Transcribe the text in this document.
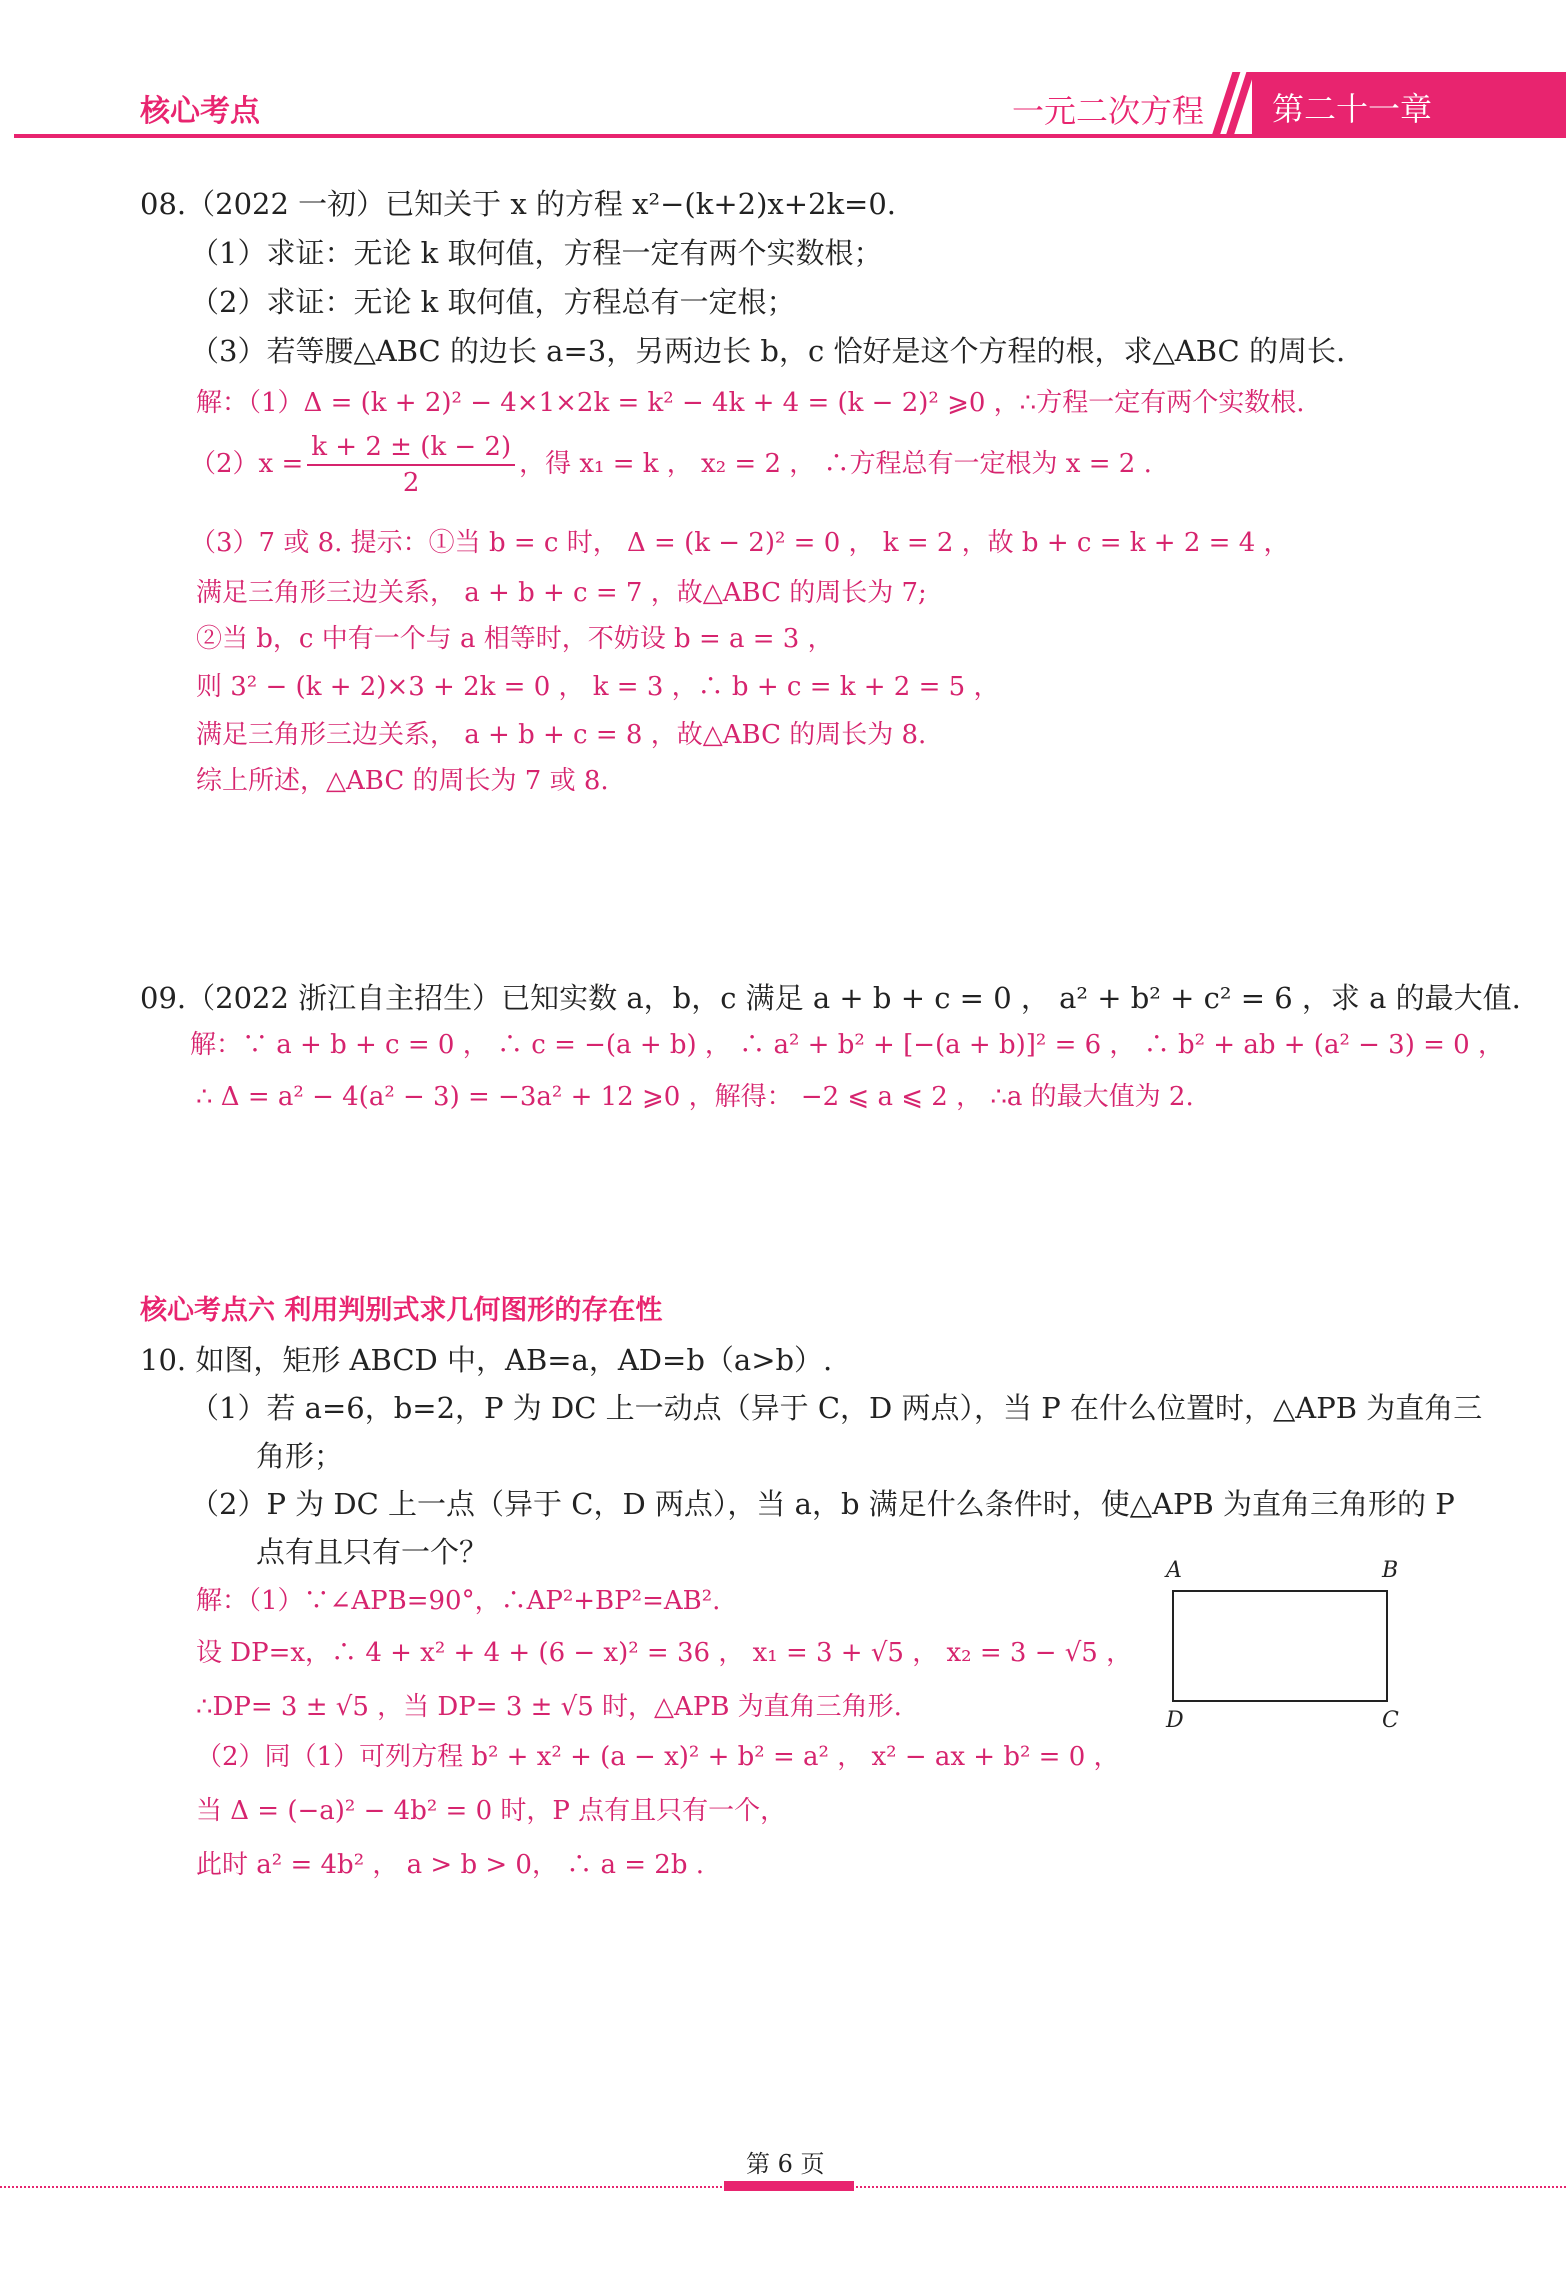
核心考点	一元二次方程 第二十一章
08.（2022 一初）已知关于 x 的方程 x²−(k+2)x+2k=0.
（1）求证：无论 k 取何值，方程一定有两个实数根；
（2）求证：无论 k 取何值，方程总有一定根；
（3）若等腰△ABC 的边长 a=3，另两边长 b，c 恰好是这个方程的根，求△ABC 的周长.
解：（1）Δ = (k + 2)² − 4×1×2k = k² − 4k + 4 = (k − 2)² ⩾0 ，∴方程一定有两个实数根.
$(2)x = \frac{k + 2 \pm (k - 2)}{2}$ ，得 x₁ = k ， x₂ = 2 ， ∴方程总有一定根为 x = 2 .
（3）7 或 8. 提示：①当 b = c 时， Δ = (k − 2)² = 0 ， k = 2 ，故 b + c = k + 2 = 4 ，
满足三角形三边关系， a + b + c = 7 ，故△ABC 的周长为 7;
②当 b，c 中有一个与 a 相等时，不妨设 b = a = 3 ，
则 3² − (k + 2)×3 + 2k = 0 ， k = 3 ，∴ b + c = k + 2 = 5 ，
满足三角形三边关系， a + b + c = 8 ，故△ABC 的周长为 8.
综上所述，△ABC 的周长为 7 或 8.
09.（2022 浙江自主招生）已知实数 a，b，c 满足 a + b + c = 0 ， a² + b² + c² = 6 ，求 a 的最大值.
解：∵ a + b + c = 0 ， ∴ c = −(a + b) ， ∴ a² + b² + [−(a + b)]² = 6 ， ∴ b² + ab + (a² − 3) = 0 ，
∴ Δ = a² − 4(a² − 3) = −3a² + 12 ⩾0 ，解得： −2 ⩽ a ⩽ 2 ， ∴a 的最大值为 2.
核心考点六 利用判别式求几何图形的存在性
10. 如图，矩形 ABCD 中，AB=a，AD=b（a>b）.
（1）若 a=6，b=2，P 为 DC 上一动点（异于 C，D 两点），当 P 在什么位置时，△APB 为直角三
角形；
（2）P 为 DC 上一点（异于 C，D 两点），当 a，b 满足什么条件时，使△APB 为直角三角形的 P
点有且只有一个？
解：（1）∵∠APB=90°，∴AP²+BP²=AB².
设 DP=x，∴ 4 + x² + 4 + (6 − x)² = 36 ， x₁ = 3 + √5 ， x₂ = 3 − √5 ，
∴DP= 3 ± √5 ，当 DP= 3 ± √5 时，△APB 为直角三角形.
（2）同（1）可列方程 b² + x² + (a − x)² + b² = a² ， x² − ax + b² = 0 ，
当 Δ = (−a)² − 4b² = 0 时，P 点有且只有一个，
此时 a² = 4b² ， a > b > 0， ∴ a = 2b .
A	B
C
D
第 6 页
